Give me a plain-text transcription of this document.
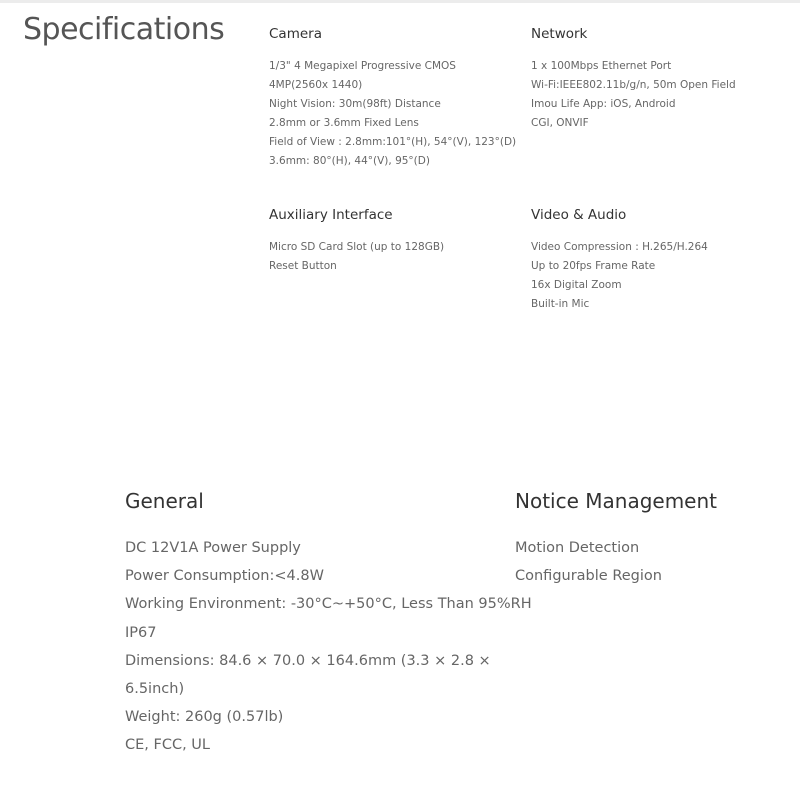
Specifications	Camera
1/3" 4 Megapixel Progressive CMOS
4MP(2560x 1440)
Night Vision: 30m(98ft) Distance
2.8mm or 3.6mm Fixed Lens
Field of View : 2.8mm:101°(H), 54°(V), 123°(D)
3.6mm: 80°(H), 44°(V), 95°(D)
Network
1 x 100Mbps Ethernet Port
Wi-Fi:IEEE802.11b/g/n, 50m Open Field
Imou Life App: iOS, Android
CGI, ONVIF
Auxiliary Interface
Micro SD Card Slot (up to 128GB)
Reset Button
Video & Audio
Video Compression : H.265/H.264
Up to 20fps Frame Rate
16x Digital Zoom
Built-in Mic
General
DC 12V1A Power Supply
Power Consumption:<4.8W
Working Environment: -30°C~+50°C, Less Than 95%RH
IP67
Dimensions: 84.6 × 70.0 × 164.6mm (3.3 × 2.8 ×
6.5inch)
Weight: 260g (0.57lb)
CE, FCC, UL
Notice Management
Motion Detection
Configurable Region
